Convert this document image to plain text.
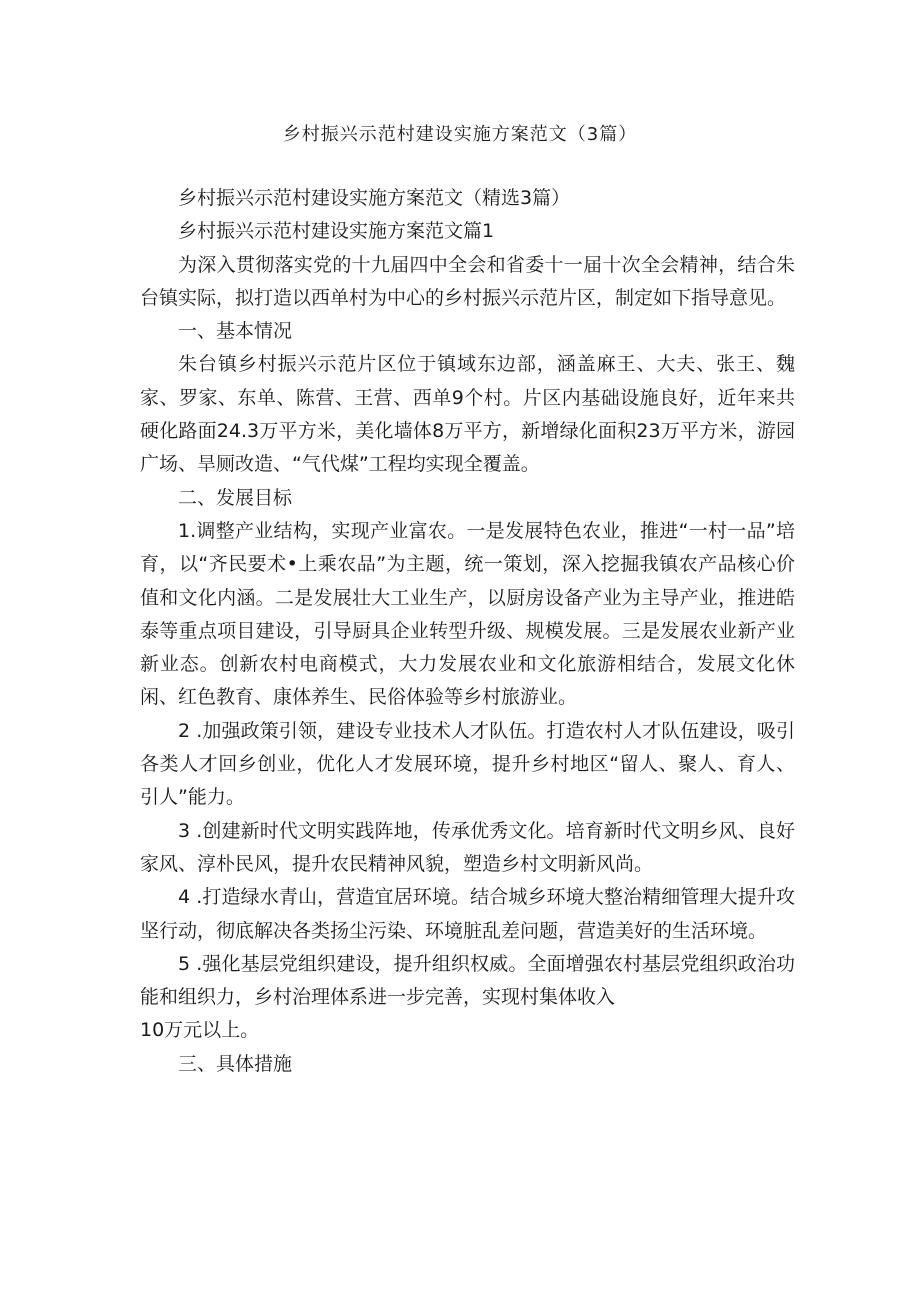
乡村振兴示范村建设实施方案范文（3篇）

乡村振兴示范村建设实施方案范文（精选3篇）

乡村振兴示范村建设实施方案范文篇1

为深入贯彻落实党的十九届四中全会和省委十一届十次全会精神，结合朱台镇实际，拟打造以西单村为中心的乡村振兴示范片区，制定如下指导意见。

一、基本情况

朱台镇乡村振兴示范片区位于镇域东边部，涵盖麻王、大夫、张王、魏家、罗家、东单、陈营、王营、西单9个村。片区内基础设施良好，近年来共硬化路面24.3万平方米，美化墙体8万平方，新增绿化面积23万平方米，游园广场、旱厕改造、“气代煤”工程均实现全覆盖。

二、发展目标

1.调整产业结构，实现产业富农。一是发展特色农业，推进“一村一品”培育，以“齐民要术•上乘农品”为主题，统一策划，深入挖掘我镇农产品核心价值和文化内涵。二是发展壮大工业生产，以厨房设备产业为主导产业，推进皓泰等重点项目建设，引导厨具企业转型升级、规模发展。三是发展农业新产业新业态。创新农村电商模式，大力发展农业和文化旅游相结合，发展文化休闲、红色教育、康体养生、民俗体验等乡村旅游业。

2 .加强政策引领，建设专业技术人才队伍。打造农村人才队伍建设，吸引各类人才回乡创业，优化人才发展环境，提升乡村地区“留人、聚人、育人、引人”能力。

3 .创建新时代文明实践阵地，传承优秀文化。培育新时代文明乡风、良好家风、淳朴民风，提升农民精神风貌，塑造乡村文明新风尚。

4 .打造绿水青山，营造宜居环境。结合城乡环境大整治精细管理大提升攻坚行动，彻底解决各类扬尘污染、环境脏乱差问题，营造美好的生活环境。

5 .强化基层党组织建设，提升组织权威。全面增强农村基层党组织政治功能和组织力，乡村治理体系进一步完善，实现村集体收入

10万元以上。

三、具体措施
